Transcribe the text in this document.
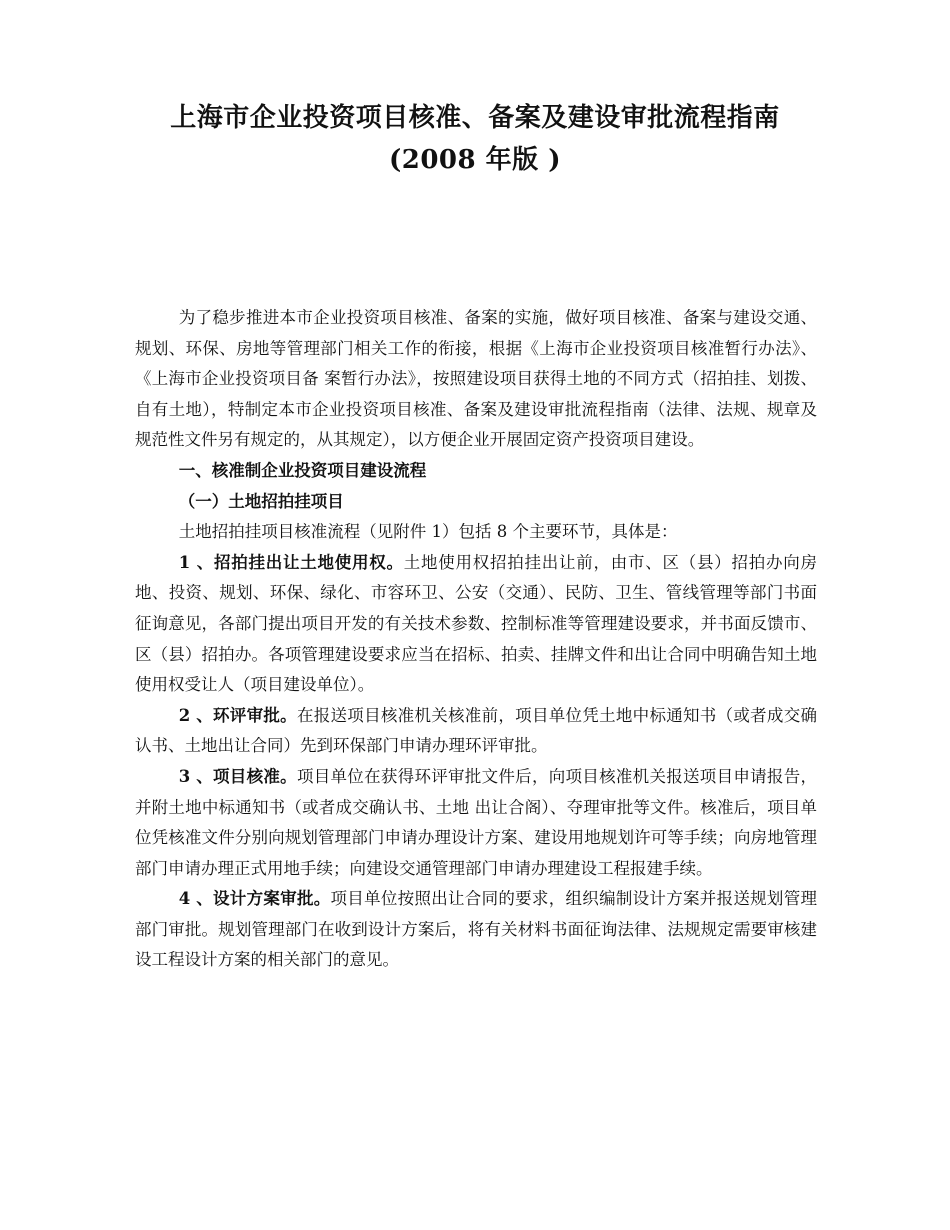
上海市企业投资项目核准、备案及建设审批流程指南
(2008 年版 )

为了稳步推进本市企业投资项目核准、备案的实施，做好项目核准、备案与建设交通、规划、环保、房地等管理部门相关工作的衔接，根据《上海市企业投资项目核准暂行办法》、《上海市企业投资项目备 案暂行办法》，按照建设项目获得土地的不同方式（招拍挂、划拨、自有土地），特制定本市企业投资项目核准、备案及建设审批流程指南（法律、法规、规章及规范性文件另有规定的，从其规定），以方便企业开展固定资产投资项目建设。

一、核准制企业投资项目建设流程

（一）土地招拍挂项目

土地招拍挂项目核准流程（见附件 1）包括 8 个主要环节，具体是：

1 、招拍挂出让土地使用权。土地使用权招拍挂出让前，由市、区（县）招拍办向房地、投资、规划、环保、绿化、市容环卫、公安（交通）、民防、卫生、管线管理等部门书面征询意见，各部门提出项目开发的有关技术参数、控制标准等管理建设要求，并书面反馈市、区（县）招拍办。各项管理建设要求应当在招标、拍卖、挂牌文件和出让合同中明确告知土地使用权受让人（项目建设单位）。

2 、环评审批。在报送项目核准机关核准前，项目单位凭土地中标通知书（或者成交确认书、土地出让合同）先到环保部门申请办理环评审批。

3 、项目核准。项目单位在获得环评审批文件后，向项目核准机关报送项目申请报告，并附土地中标通知书（或者成交确认书、土地 出让合阁）、夺理审批等文件。核准后，项目单位凭核准文件分别向规划管理部门申请办理设计方案、建设用地规划许可等手续；向房地管理部门申请办理正式用地手续；向建设交通管理部门申请办理建设工程报建手续。

4 、设计方案审批。项目单位按照出让合同的要求，组织编制设计方案并报送规划管理部门审批。规划管理部门在收到设计方案后，将有关材料书面征询法律、法规规定需要审核建设工程设计方案的相关部门的意见。
